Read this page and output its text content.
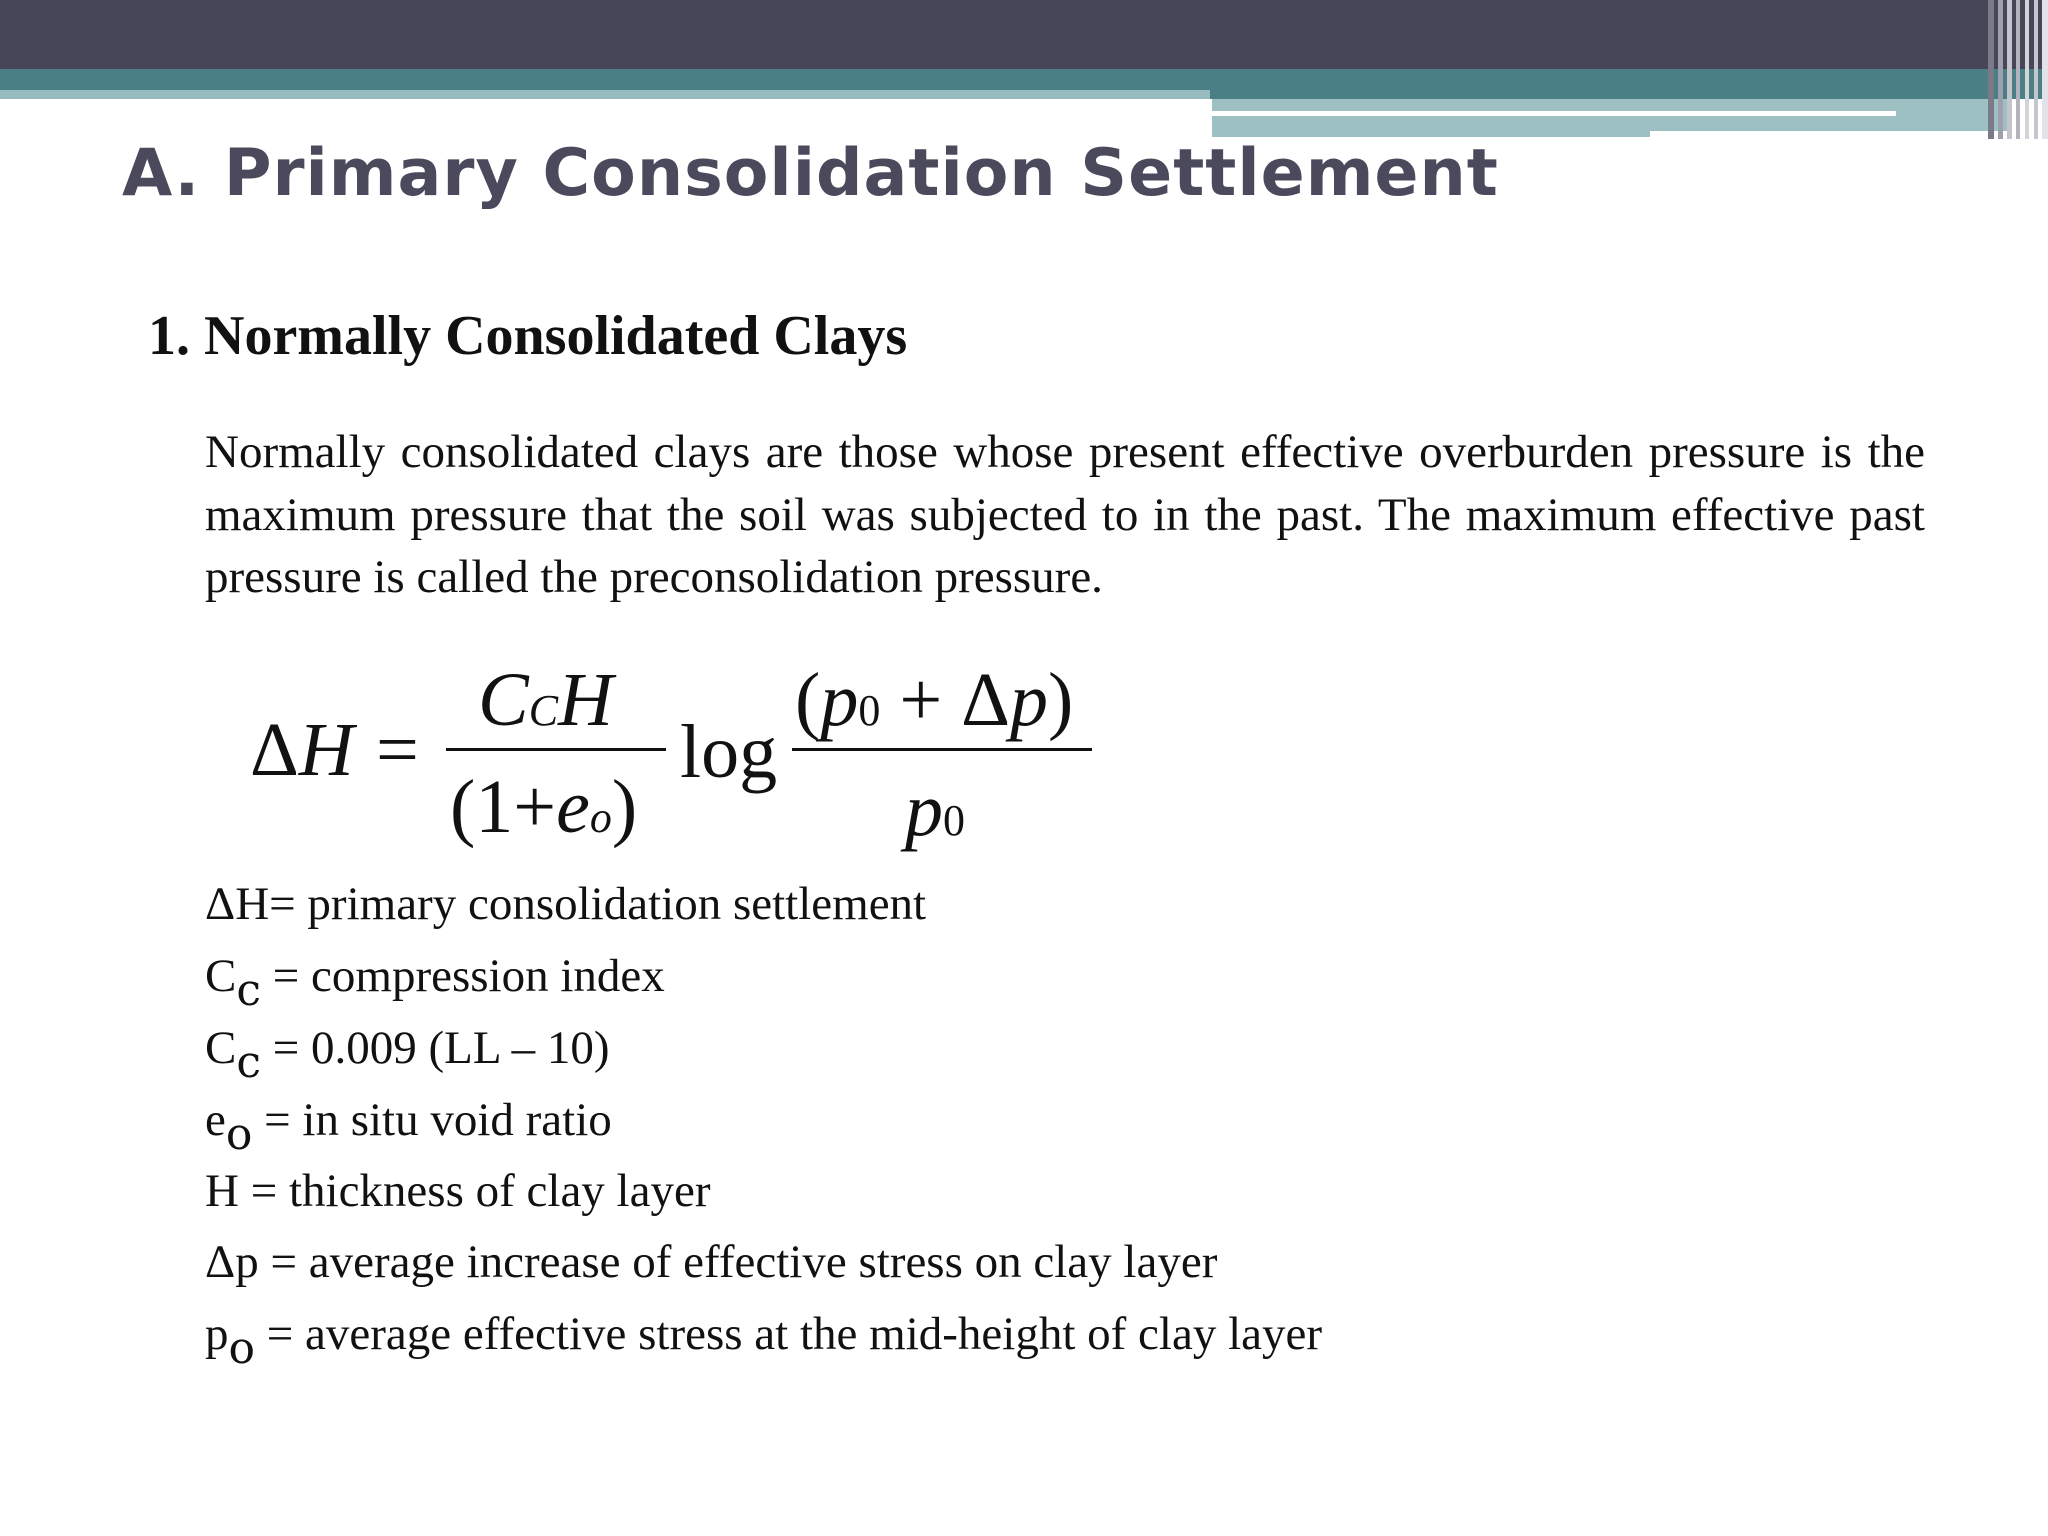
A. Primary Consolidation Settlement
1. Normally Consolidated Clays

Normally consolidated clays are those whose present effective overburden pressure is the maximum pressure that the soil was subjected to in the past. The maximum effective past pressure is called the preconsolidation pressure.

ΔH =
CCH
(1+eo)
log
(p0 + Δp)
p0

ΔH= primary consolidation settlement

Cc = compression index

Cc = 0.009 (LL – 10)

eo = in situ void ratio

H = thickness of clay layer

Δp = average increase of effective stress on clay layer

po = average effective stress at the mid-height of clay layer
